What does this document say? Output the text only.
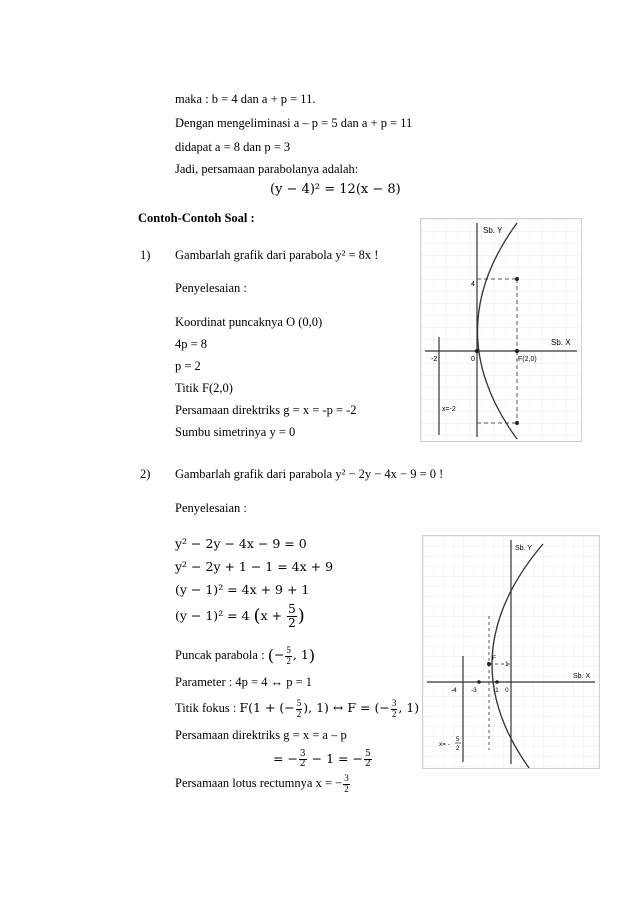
maka : b = 4 dan a + p = 11.
Dengan mengeliminasi a – p = 5 dan a + p = 11
didapat a = 8 dan p = 3
Jadi, persamaan parabolanya adalah:
(y − 4)² = 12(x − 8)
Contoh-Contoh Soal :
1) Gambarlah grafik dari parabola y² = 8x !
Penyelesaian :
Koordinat puncaknya O (0,0)
4p = 8
p = 2
Titik F(2,0)
Persamaan direktriks g = x = -p = -2
Sumbu simetrinya y = 0
Sb. Y
Sb. X
-2	0	F(2,0)
4
x=-2
2) Gambarlah grafik dari parabola y² − 2y − 4x − 9 = 0 !
Penyelesaian :
y² − 2y − 4x − 9 = 0
y² − 2y + 1 − 1 = 4x + 9
(y − 1)² = 4x + 9 + 1
(y − 1)² = 4 ($x + \frac{5}{2}$ )
Puncak parabola : (− $\frac{5}{2}$ , 1)
Parameter : 4p = 4 ↔ p = 1
Titik fokus : F(1 + (− $\frac{5}{2}$ ), 1) ↔ F = (− $\frac{3}{2}$ , 1)
Persamaan direktriks g = x = a – p
= − $\frac{3}{2} - 1$ = − $\frac{5}{2}$
Persamaan lotus rectumnya x = − $\frac{3}{2}$
Sb. Y
Sb. X
-4 -3 -1 0
1
F
x= -
5
2
